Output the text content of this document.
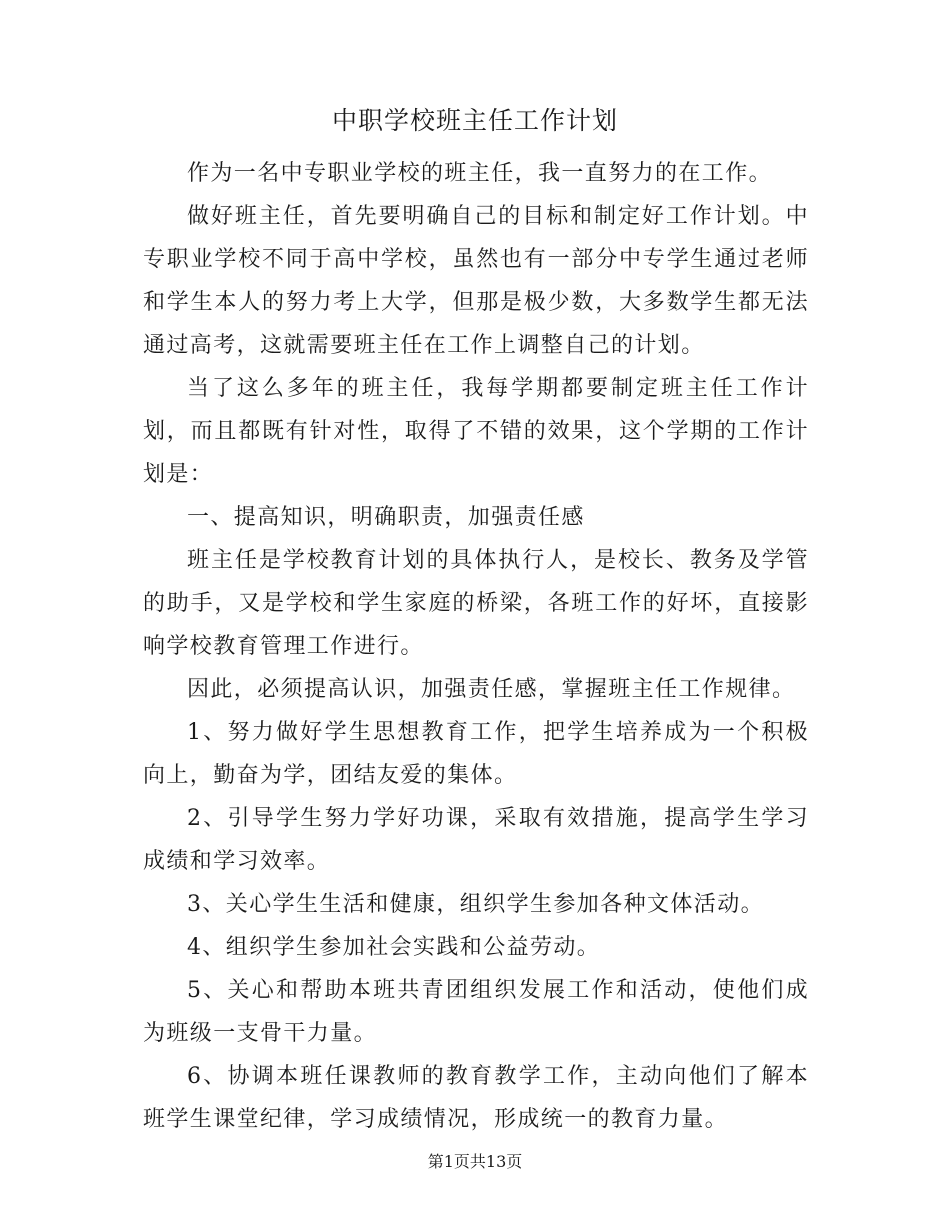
中职学校班主任工作计划

作为一名中专职业学校的班主任，我一直努力的在工作。

做好班主任，首先要明确自己的目标和制定好工作计划。中专职业学校不同于高中学校，虽然也有一部分中专学生通过老师和学生本人的努力考上大学，但那是极少数，大多数学生都无法通过高考，这就需要班主任在工作上调整自己的计划。

当了这么多年的班主任，我每学期都要制定班主任工作计划，而且都既有针对性，取得了不错的效果，这个学期的工作计划是：

一、提高知识，明确职责，加强责任感

班主任是学校教育计划的具体执行人，是校长、教务及学管的助手，又是学校和学生家庭的桥梁，各班工作的好坏，直接影响学校教育管理工作进行。

因此，必须提高认识，加强责任感，掌握班主任工作规律。

1、努力做好学生思想教育工作，把学生培养成为一个积极向上，勤奋为学，团结友爱的集体。

2、引导学生努力学好功课，采取有效措施，提高学生学习成绩和学习效率。

3、关心学生生活和健康，组织学生参加各种文体活动。

4、组织学生参加社会实践和公益劳动。

5、关心和帮助本班共青团组织发展工作和活动，使他们成为班级一支骨干力量。

6、协调本班任课教师的教育教学工作，主动向他们了解本班学生课堂纪律，学习成绩情况，形成统一的教育力量。

第1页共13页
